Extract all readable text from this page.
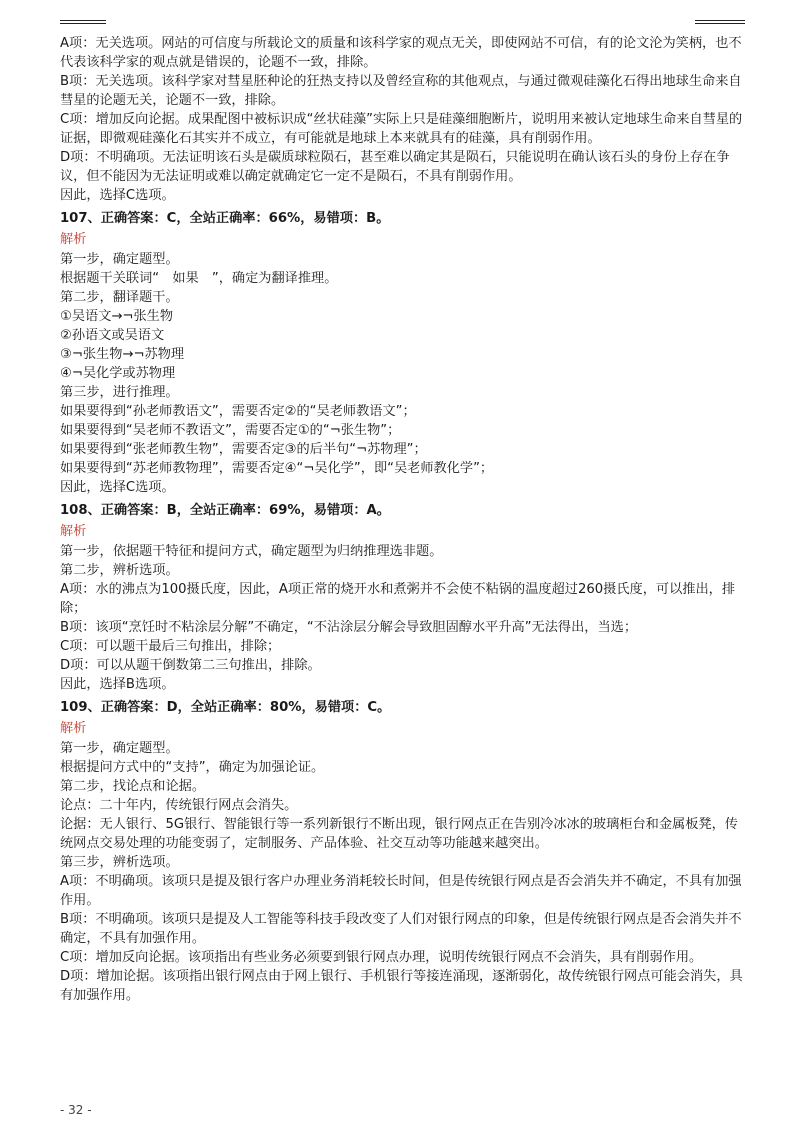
A项：无关选项。网站的可信度与所载论文的质量和该科学家的观点无关，即使网站不可信，有的论文沦为笑柄，也不代表该科学家的观点就是错误的，论题不一致，排除。

B项：无关选项。该科学家对彗星胚种论的狂热支持以及曾经宣称的其他观点，与通过微观硅藻化石得出地球生命来自彗星的论题无关，论题不一致，排除。

C项：增加反向论据。成果配图中被标识成“丝状硅藻”实际上只是硅藻细胞断片，说明用来被认定地球生命来自彗星的证据，即微观硅藻化石其实并不成立，有可能就是地球上本来就具有的硅藻，具有削弱作用。

D项：不明确项。无法证明该石头是碳质球粒陨石，甚至难以确定其是陨石，只能说明在确认该石头的身份上存在争议，但不能因为无法证明或难以确定就确定它一定不是陨石，不具有削弱作用。

因此，选择C选项。

107、正确答案：C，全站正确率：66%，易错项：B。

解析

第一步，确定题型。

根据题干关联词“　如果　”，确定为翻译推理。

第二步，翻译题干。

①吴语文→¬张生物

②孙语文或吴语文

③¬张生物→¬苏物理

④¬吴化学或苏物理

第三步，进行推理。

如果要得到“孙老师教语文”，需要否定②的“吴老师教语文”；

如果要得到“吴老师不教语文”，需要否定①的“¬张生物”；

如果要得到“张老师教生物”，需要否定③的后半句“¬苏物理”；

如果要得到“苏老师教物理”，需要否定④“¬吴化学”，即“吴老师教化学”；

因此，选择C选项。

108、正确答案：B，全站正确率：69%，易错项：A。

解析

第一步，依据题干特征和提问方式，确定题型为归纳推理选非题。

第二步，辨析选项。

A项：水的沸点为100摄氏度，因此，A项正常的烧开水和煮粥并不会使不粘锅的温度超过260摄氏度，可以推出，排除；

B项：该项“烹饪时不粘涂层分解”不确定，“不沾涂层分解会导致胆固醇水平升高”无法得出，当选；

C项：可以题干最后三句推出，排除；

D项：可以从题干倒数第二三句推出，排除。

因此，选择B选项。

109、正确答案：D，全站正确率：80%，易错项：C。

解析

第一步，确定题型。

根据提问方式中的“支持”，确定为加强论证。

第二步，找论点和论据。

论点：二十年内，传统银行网点会消失。

论据：无人银行、5G银行、智能银行等一系列新银行不断出现，银行网点正在告别冷冰冰的玻璃柜台和金属板凳，传统网点交易处理的功能变弱了，定制服务、产品体验、社交互动等功能越来越突出。

第三步，辨析选项。

A项：不明确项。该项只是提及银行客户办理业务消耗较长时间，但是传统银行网点是否会消失并不确定，不具有加强作用。

B项：不明确项。该项只是提及人工智能等科技手段改变了人们对银行网点的印象，但是传统银行网点是否会消失并不确定，不具有加强作用。

C项：增加反向论据。该项指出有些业务必须要到银行网点办理，说明传统银行网点不会消失，具有削弱作用。

D项：增加论据。该项指出银行网点由于网上银行、手机银行等接连涌现，逐渐弱化，故传统银行网点可能会消失，具有加强作用。

- 32 -
